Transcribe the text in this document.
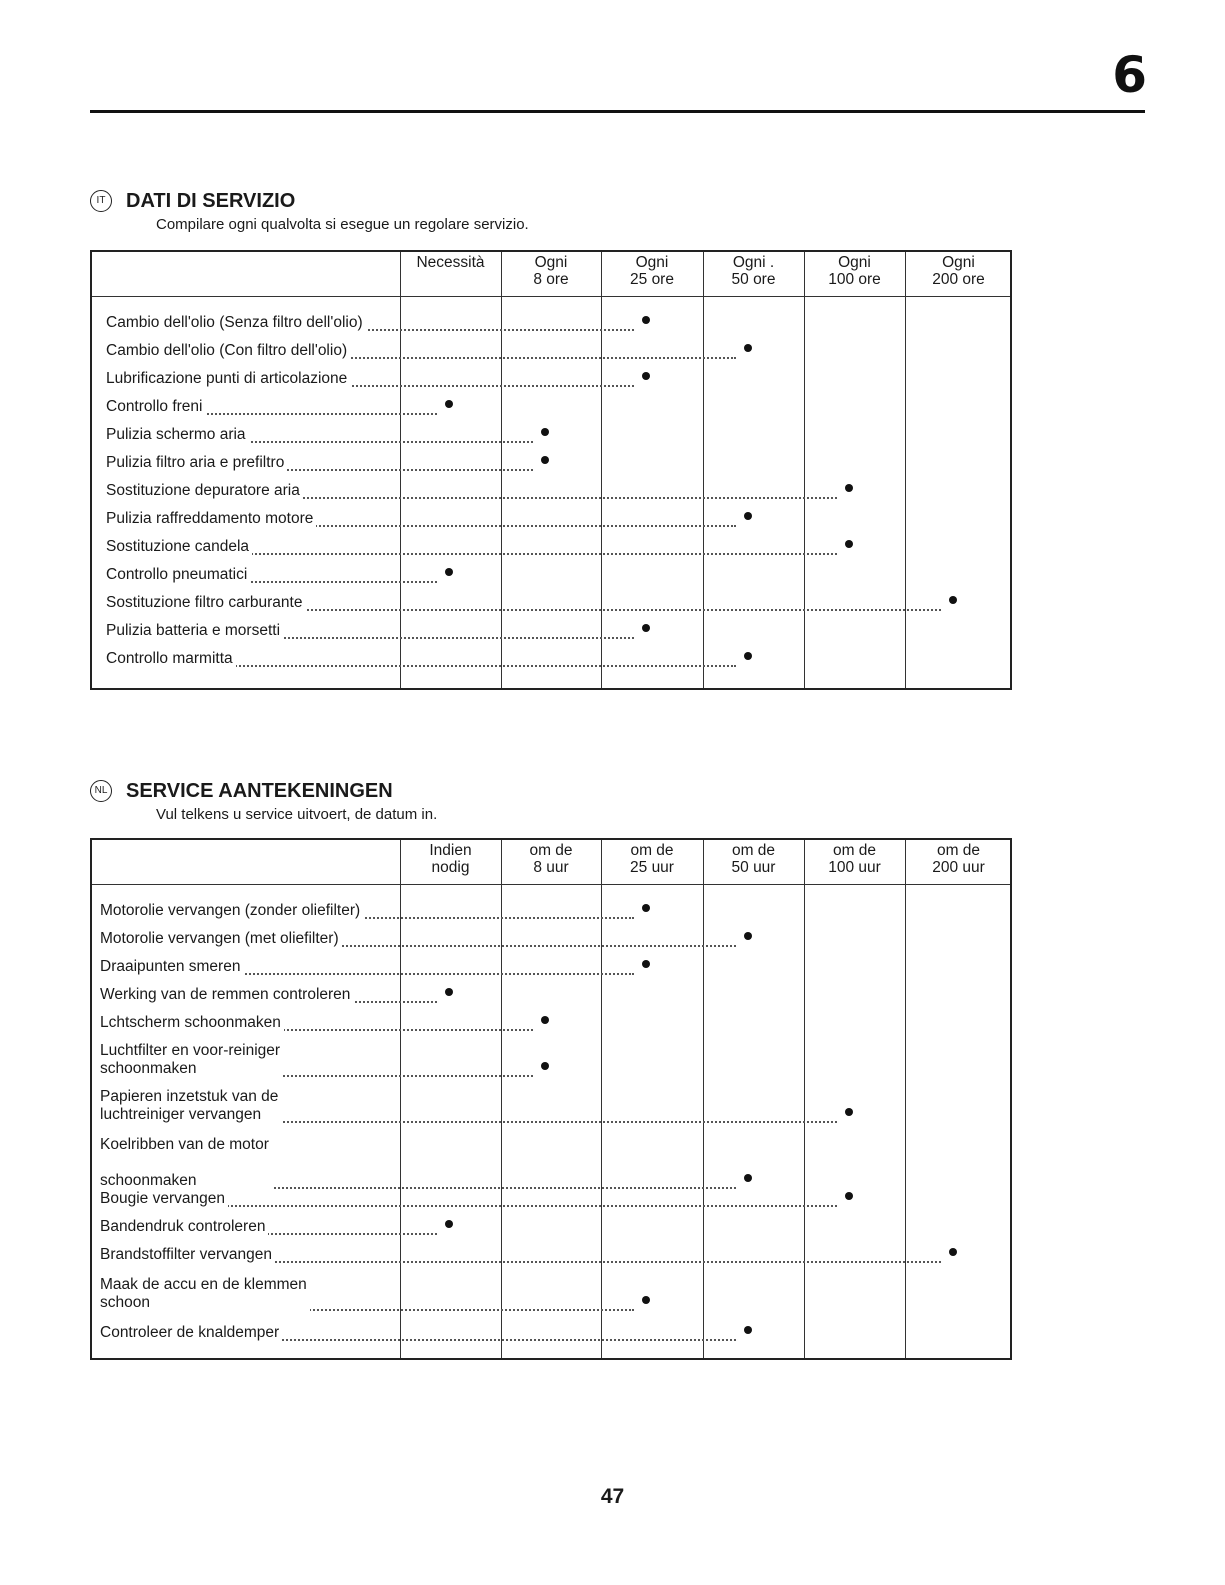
6
IT	DATI DI SERVIZIO
Compilare ogni qualvolta si esegue un regolare servizio.
Necessità	Ogni
8 ore
Ogni
25 ore
Ogni .
50 ore
Ogni
100 ore
Ogni
200 ore
Cambio dell'olio (Senza filtro dell'olio)
Cambio dell'olio (Con filtro dell'olio)
Lubrificazione punti di articolazione
Controllo freni
Pulizia schermo aria
Pulizia filtro aria e prefiltro
Sostituzione depuratore aria
Pulizia raffreddamento motore
Sostituzione candela
Controllo pneumatici
Sostituzione filtro carburante
Pulizia batteria e morsetti
Controllo marmitta
NL SERVICE AANTEKENINGEN
Vul telkens u service uitvoert, de datum in.
Indien
nodig
om de
8 uur
om de
25 uur
om de
50 uur
om de
100 uur
om de
200 uur
Motorolie vervangen (zonder oliefilter)
Motorolie vervangen (met oliefilter)
Draaipunten smeren
Werking van de remmen controleren
Lchtscherm schoonmaken
Luchtfilter en voor-reiniger
schoonmaken
Papieren inzetstuk van de
luchtreiniger vervangen
Koelribben van de motor

schoonmaken
Bougie vervangen
Bandendruk controleren
Brandstoffilter vervangen
Maak de accu en de klemmen
schoon
Controleer de knaldemper
47
